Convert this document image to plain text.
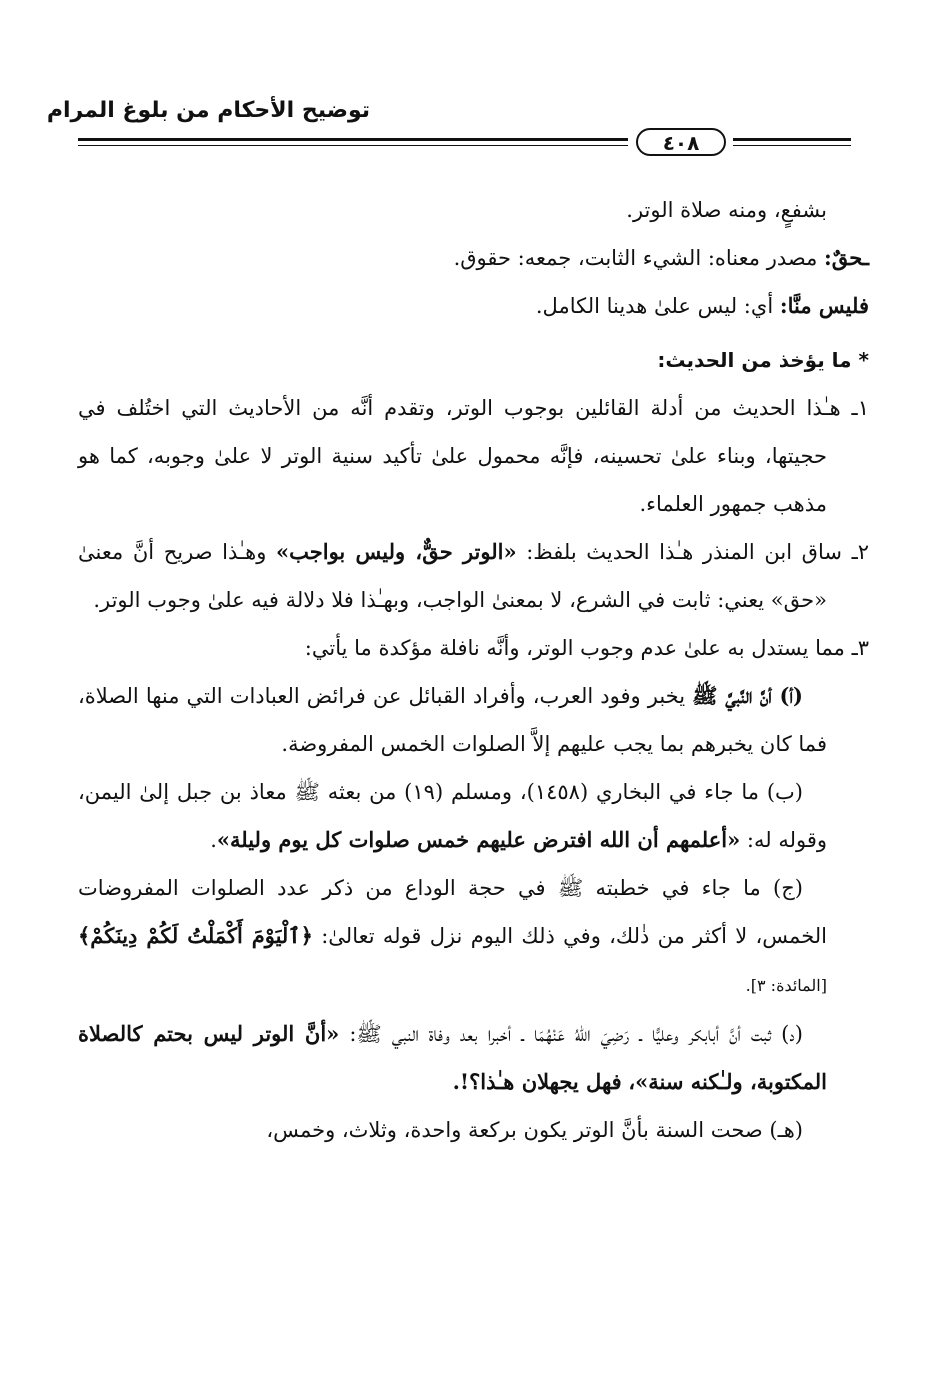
توضيح الأحكام من بلوغ المرام
٤٠٨

بشفعٍ، ومنه صلاة الوتر.

ـحقٌ: مصدر معناه: الشيء الثابت، جمعه: حقوق.

فليس منَّا: أي: ليس علىٰ هدينا الكامل.

* ما يؤخذ من الحديث:

١ـ هـٰذا الحديث من أدلة القائلين بوجوب الوتر، وتقدم أنَّه من الأحاديث التي اختُلف في حجيتها، وبناء علىٰ تحسينه، فإنَّه محمول علىٰ تأكيد سنية الوتر لا علىٰ وجوبه، كما هو مذهب جمهور العلماء.

٢ـ ساق ابن المنذر هـٰذا الحديث بلفظ: «الوتر حقٌّ، وليس بواجب» وهـٰذا صريح أنَّ معنىٰ «حق» يعني: ثابت في الشرع، لا بمعنىٰ الواجب، وبهـٰذا فلا دلالة فيه علىٰ وجوب الوتر.

٣ـ مما يستدل به علىٰ عدم وجوب الوتر، وأنَّه نافلة مؤكدة ما يأتي:

(أ) أنَّ النَّبيَّ ﷺ يخبر وفود العرب، وأفراد القبائل عن فرائض العبادات التي منها الصلاة، فما كان يخبرهم بما يجب عليهم إلاَّ الصلوات الخمس المفروضة.

(ب) ما جاء في البخاري (١٤٥٨)، ومسلم (١٩) من بعثه ﷺ معاذ بن جبل إلىٰ اليمن، وقوله له: «أعلمهم أن الله افترض عليهم خمس صلوات كل يوم وليلة».

(ج) ما جاء في خطبته ﷺ في حجة الوداع من ذكر عدد الصلوات المفروضات الخمس، لا أكثر من ذٰلك، وفي ذلك اليوم نزل قوله تعالىٰ: ﴿ٱلْيَوْمَ أَكْمَلْتُ لَكُمْ دِينَكُمْ﴾ [المائدة: ٣].

(د) ثبت أنَّ أبابكر وعليًّا ـ رَضِيَ اللهُ عَنْهُمَا ـ أخبرا بعد وفاة النبي ﷺ: «أنَّ الوتر ليس بحتم كالصلاة المكتوبة، ولـٰكنه سنة»، فهل يجهلان هـٰذا؟!.

(هـ) صحت السنة بأنَّ الوتر يكون بركعة واحدة، وثلاث، وخمس،
